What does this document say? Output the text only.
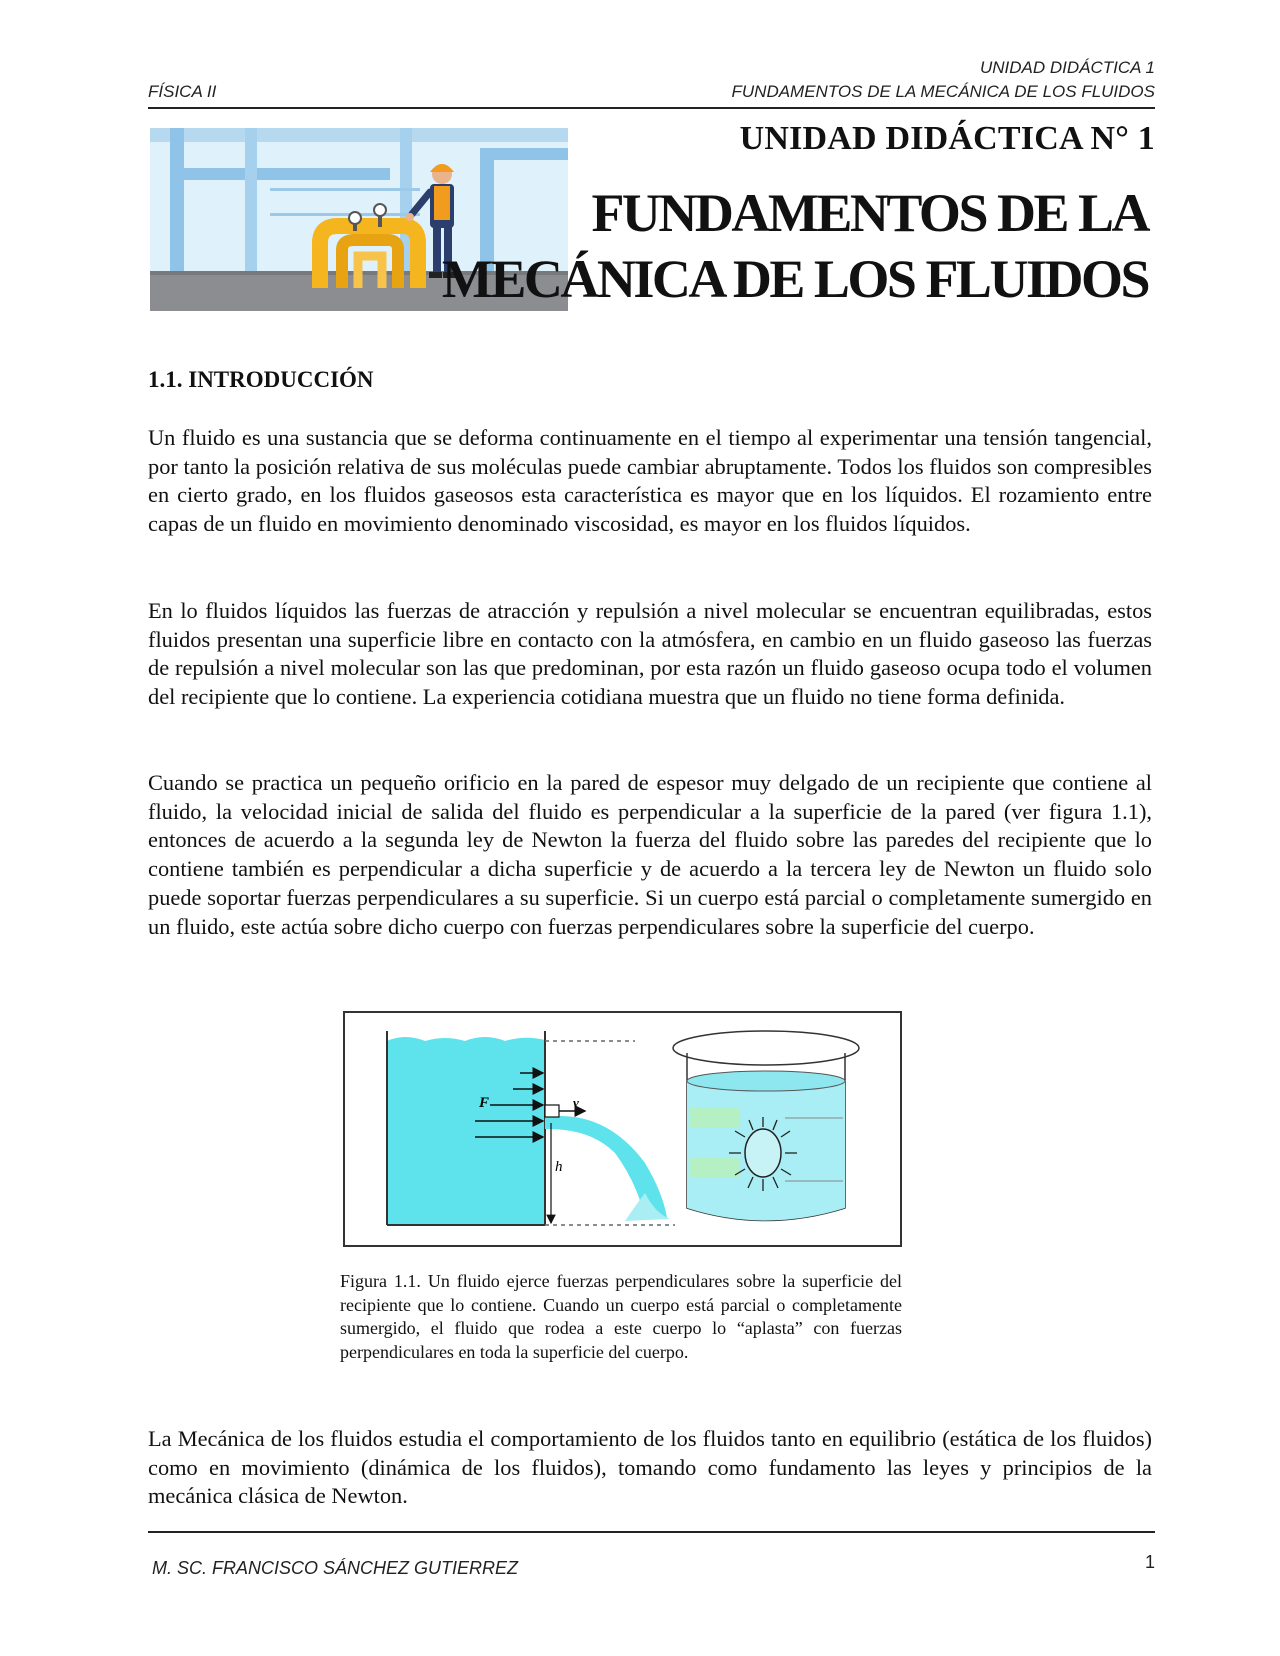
UNIDAD DIDÁCTICA 1
FUNDAMENTOS DE LA MECÁNICA DE LOS FLUIDOS
FÍSICA II
UNIDAD DIDÁCTICA N° 1
FUNDAMENTOS DE LA
MECÁNICA DE LOS FLUIDOS
1.1. INTRODUCCIÓN

Un fluido es una sustancia que se deforma continuamente en el tiempo al experimentar una tensión tangencial, por tanto la posición relativa de sus moléculas puede cambiar abruptamente. Todos los fluidos son compresibles en cierto grado, en los fluidos gaseosos esta característica es mayor que en los líquidos. El rozamiento entre capas de un fluido en movimiento denominado viscosidad, es mayor en los fluidos líquidos.

En lo fluidos líquidos las fuerzas de atracción y repulsión a nivel molecular se encuentran equilibradas, estos fluidos presentan una superficie libre en contacto con la atmósfera, en cambio en un fluido gaseoso las fuerzas de repulsión a nivel molecular son las que predominan, por esta razón un fluido gaseoso ocupa todo el volumen del recipiente que lo contiene. La experiencia cotidiana muestra que un fluido no tiene forma definida.

Cuando se practica un pequeño orificio en la pared de espesor muy delgado de un recipiente que contiene al fluido, la velocidad inicial de salida del fluido es perpendicular a la superficie de la pared (ver figura 1.1), entonces de acuerdo a la segunda ley de Newton la fuerza del fluido sobre las paredes del recipiente que lo contiene también es perpendicular a dicha superficie y de acuerdo a la tercera ley de Newton un fluido solo puede soportar fuerzas perpendiculares a su superficie. Si un cuerpo está parcial o completamente sumergido en un fluido, este actúa sobre dicho cuerpo con fuerzas perpendiculares sobre la superficie del cuerpo.

F	v
h

Figura 1.1. Un fluido ejerce fuerzas perpendiculares sobre la superficie del recipiente que lo contiene. Cuando un cuerpo está parcial o completamente sumergido, el fluido que rodea a este cuerpo lo “aplasta” con fuerzas perpendiculares en toda la superficie del cuerpo.

La Mecánica de los fluidos estudia el comportamiento de los fluidos tanto en equilibrio (estática de los fluidos) como en movimiento (dinámica de los fluidos), tomando como fundamento las leyes y principios de la mecánica clásica de Newton.

M. SC. FRANCISCO SÁNCHEZ GUTIERREZ	1
